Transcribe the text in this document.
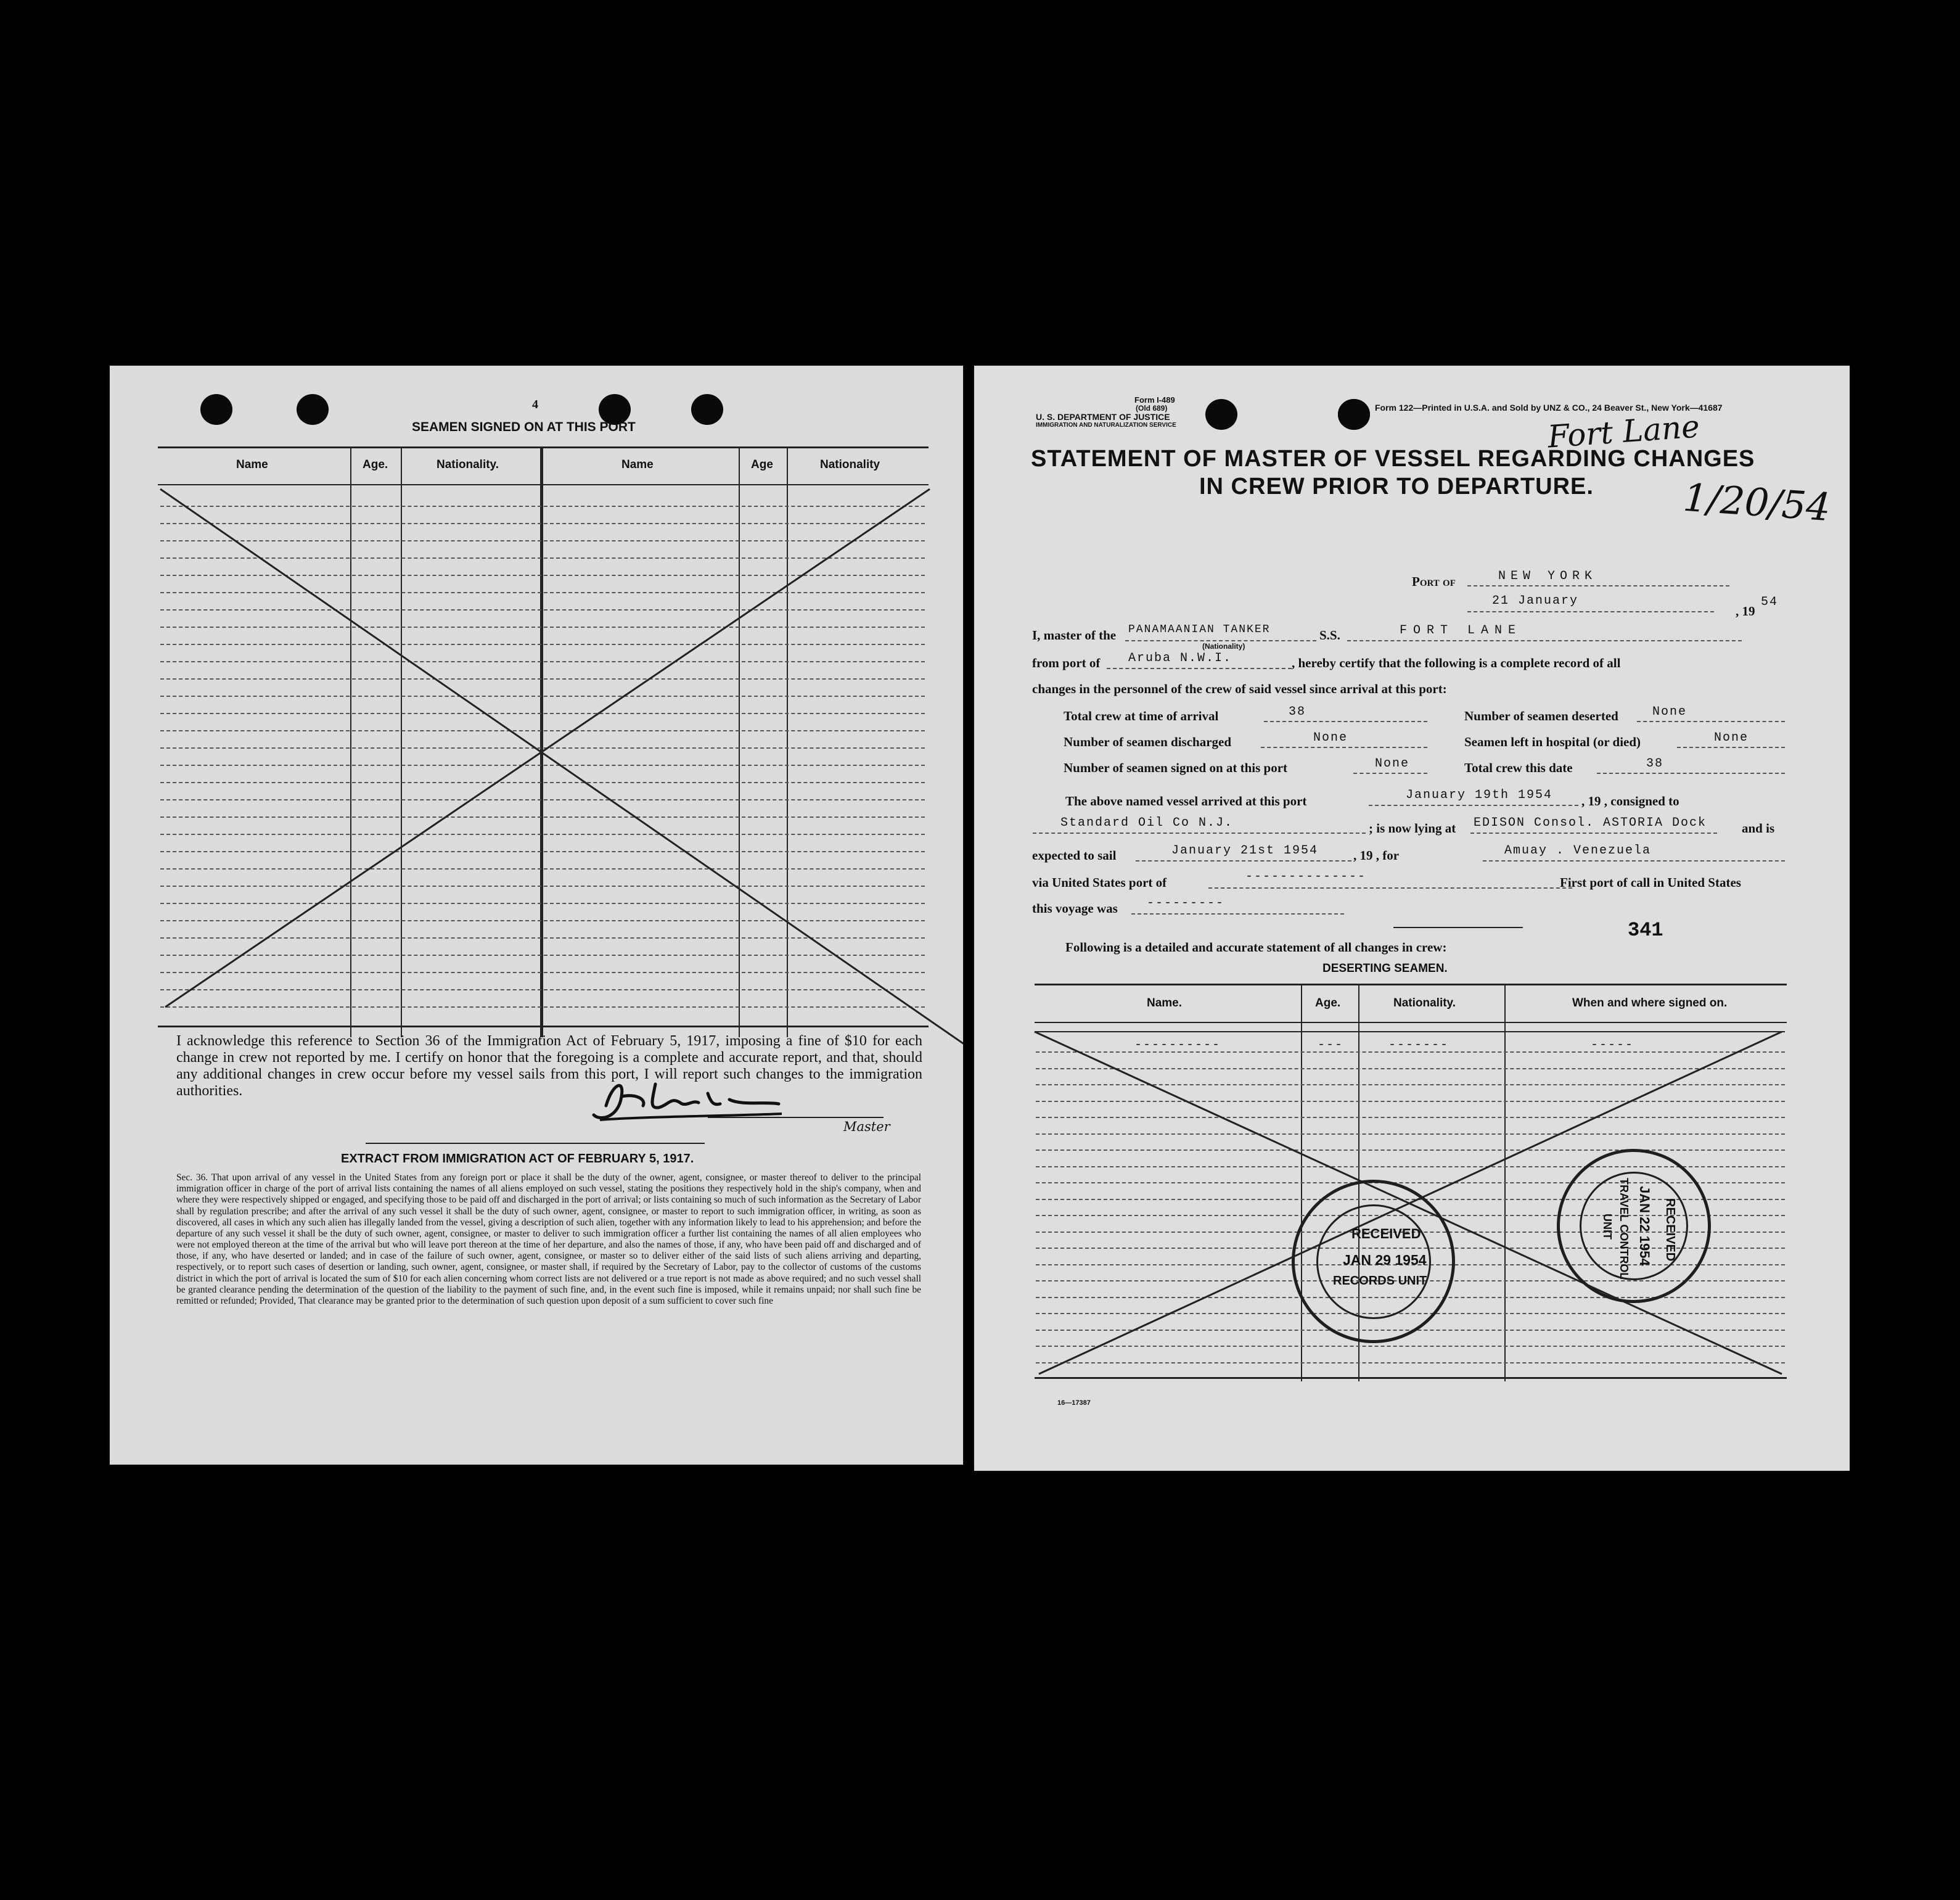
4
SEAMEN SIGNED ON AT THIS PORT
Name	Age.	Nationality.	Name	Age	Nationality
I acknowledge this reference to Section 36 of the Immigration Act of February 5, 1917, imposing a fine of $10 for each change in crew not reported by me. I certify on honor that the foregoing is a complete and accurate report, and that, should any additional changes in crew occur before my vessel sails from this port, I will report such changes to the immigration authorities.
Master
EXTRACT FROM IMMIGRATION ACT OF FEBRUARY 5, 1917.
Sec. 36. That upon arrival of any vessel in the United States from any foreign port or place it shall be the duty of the owner, agent, consignee, or master thereof to deliver to the principal immigration officer in charge of the port of arrival lists containing the names of all aliens employed on such vessel, stating the positions they respectively hold in the ship's company, when and where they were respectively shipped or engaged, and specifying those to be paid off and discharged in the port of arrival; or lists containing so much of such information as the Secretary of Labor shall by regulation prescribe; and after the arrival of any such vessel it shall be the duty of such owner, agent, consignee, or master to report to such immigration officer, in writing, as soon as discovered, all cases in which any such alien has illegally landed from the vessel, giving a description of such alien, together with any information likely to lead to his apprehension; and before the departure of any such vessel it shall be the duty of such owner, agent, consignee, or master to deliver to such immigration officer a further list containing the names of all alien employees who were not employed thereon at the time of the arrival but who will leave port thereon at the time of her departure, and also the names of those, if any, who have been paid off and discharged and of those, if any, who have deserted or landed; and in case of the failure of such owner, agent, consignee, or master so to deliver either of the said lists of such aliens arriving and departing, respectively, or to report such cases of desertion or landing, such owner, agent, consignee, or master shall, if required by the Secretary of Labor, pay to the collector of customs of the customs district in which the port of arrival is located the sum of $10 for each alien concerning whom correct lists are not delivered or a true report is not made as above required; and no such vessel shall be granted clearance pending the determination of the question of the liability to the payment of such fine, and, in the event such fine is imposed, while it remains unpaid; nor shall such fine be remitted or refunded; Provided, That clearance may be granted prior to the determination of such question upon deposit of a sum sufficient to cover such fine
Form I-489
(Old 689)
U. S. DEPARTMENT OF JUSTICE
IMMIGRATION AND NATURALIZATION SERVICE
Form 122—Printed in U.S.A. and Sold by UNZ & CO., 24 Beaver St., New York—41687
Fort Lane
STATEMENT OF MASTER OF VESSEL REGARDING CHANGES
IN CREW PRIOR TO DEPARTURE. 1/20/54
Port of	NEW YORK
21 January
, 19
54
I, master of the PANAMAANIAN TANKER
(Nationality)
S.S.	FORT LANE
from port of Aruba N.W.I.	, hereby certify that the following is a complete record of all
changes in the personnel of the crew of said vessel since arrival at this port:
Total crew at time of arrival	38	Number of seamen deserted	None
Number of seamen discharged	None	Seamen left in hospital (or died)	None
Number of seamen signed on at this port	None	Total crew this date	38
The above named vessel arrived at this port	January 19th 1954 , 19 , consigned to
Standard Oil Co N.J.	; is now lying at EDISON Consol. ASTORIA Dock	and is
expected to sail	January 21st 1954	, 19 , for	Amuay . Venezuela
via United States port of	--------------	First port of call in United States
this voyage was ---------
Following is a detailed and accurate statement of all changes in crew:
341
DESERTING SEAMEN.
Name.	Age.	Nationality.	When and where signed on.
----------	---	-------	-----
16—17387
RECEIVED
JAN 29 1954
RECORDS UNIT
RECEIVED
JAN 22 1954
TRAVEL CONTROL
UNIT
